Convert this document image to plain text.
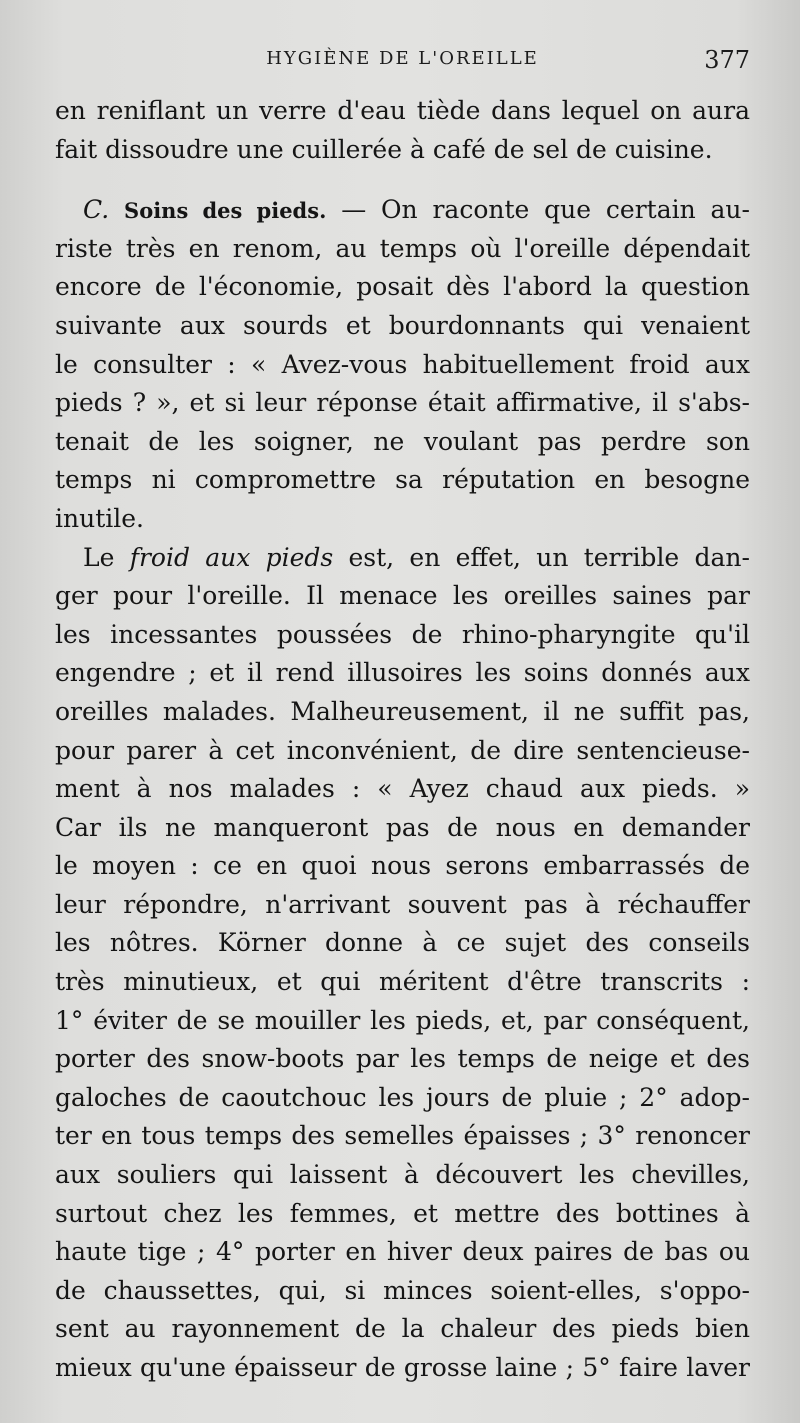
HYGIÈNE DE L'OREILLE	377
en reniflant un verre d'eau tiède dans lequel on aura
fait dissoudre une cuillerée à café de sel de cuisine.
C. Soins des pieds. — On raconte que certain au-
riste très en renom, au temps où l'oreille dépendait
encore de l'économie, posait dès l'abord la question
suivante aux sourds et bourdonnants qui venaient
le consulter : « Avez-vous habituellement froid aux
pieds ? », et si leur réponse était affirmative, il s'abs-
tenait de les soigner, ne voulant pas perdre son
temps ni compromettre sa réputation en besogne
inutile.
Le froid aux pieds est, en effet, un terrible dan-
ger pour l'oreille. Il menace les oreilles saines par
les incessantes poussées de rhino-pharyngite qu'il
engendre ; et il rend illusoires les soins donnés aux
oreilles malades. Malheureusement, il ne suffit pas,
pour parer à cet inconvénient, de dire sentencieuse-
ment à nos malades : « Ayez chaud aux pieds. »
Car ils ne manqueront pas de nous en demander
le moyen : ce en quoi nous serons embarrassés de
leur répondre, n'arrivant souvent pas à réchauffer
les nôtres. Körner donne à ce sujet des conseils
très minutieux, et qui méritent d'être transcrits :
1° éviter de se mouiller les pieds, et, par conséquent,
porter des snow-boots par les temps de neige et des
galoches de caoutchouc les jours de pluie ; 2° adop-
ter en tous temps des semelles épaisses ; 3° renoncer
aux souliers qui laissent à découvert les chevilles,
surtout chez les femmes, et mettre des bottines à
haute tige ; 4° porter en hiver deux paires de bas ou
de chaussettes, qui, si minces soient-elles, s'oppo-
sent au rayonnement de la chaleur des pieds bien
mieux qu'une épaisseur de grosse laine ; 5° faire laver
